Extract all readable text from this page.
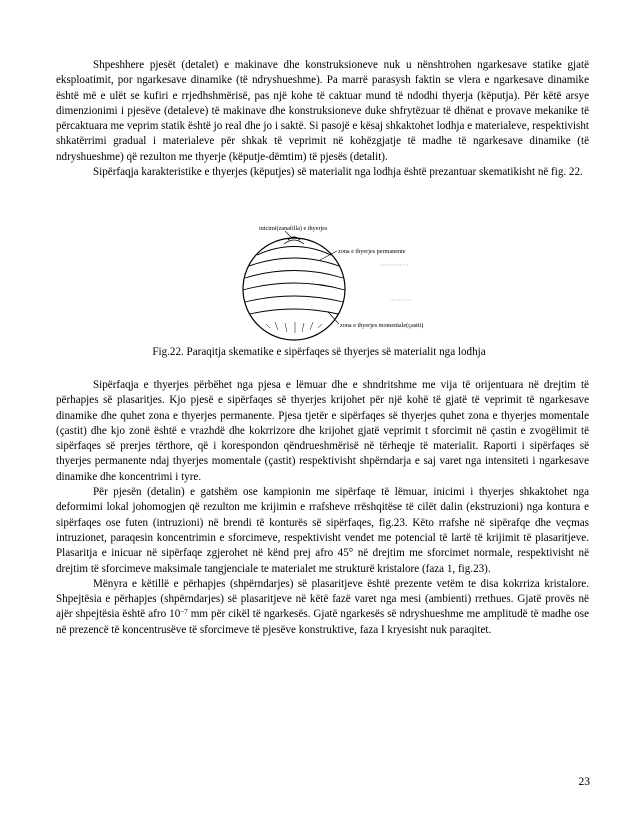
Shpeshhere pjesët (detalet) e makinave dhe konstruksioneve nuk u nënshtrohen ngarkesave statike gjatë eksploatimit, por ngarkesave dinamike (të ndryshueshme). Pa marrë parasysh faktin se vlera e ngarkesave dinamike është më e ulët se kufiri e rrjedhshmërisë, pas një kohe të caktuar mund të ndodhi thyerja (këputja). Për këtë arsye dimenzionimi i pjesëve (detaleve) të makinave dhe konstruksioneve duke shfrytëzuar të dhënat e provave mekanike të përcaktuara me veprim statik është jo real dhe jo i saktë. Si pasojë e kësaj shkaktohet lodhja e materialeve, respektivisht shkatërrimi gradual i materialeve për shkak të veprimit në kohëzgjatje të madhe të ngarkesave dinamike (të ndryshueshme) që rezulton me thyerje (këputje-dëmtim) të pjesës (detalit).

Sipërfaqja karakteristike e thyerjes (këputjes) së materialit nga lodhja është prezantuar skematikisht në fig. 22.

inicimi(zanafilla) e thyerjes
zona e thyerjes permanente
zona e thyerjes momentale(çastit)
Fig.22. Paraqitja skematike e sipërfaqes së thyerjes së materialit nga lodhja

Sipërfaqja e thyerjes përbëhet nga pjesa e lëmuar dhe e shndritshme me vija të orijentuara në drejtim të përhapjes së plasaritjes. Kjo pjesë e sipërfaqes së thyerjes krijohet për një kohë të gjatë të veprimit të ngarkesave dinamike dhe quhet zona e thyerjes permanente. Pjesa tjetër e sipërfaqes së thyerjes quhet zona e thyerjes momentale (çastit) dhe kjo zonë është e vrazhdë dhe kokrrizore dhe krijohet gjatë veprimit t sforcimit në çastin e zvogëlimit të sipërfaqes së prerjes tërthore, që i korespondon qëndrueshmërisë në tërheqje të materialit. Raporti i sipërfaqes së thyerjes permanente ndaj thyerjes momentale (çastit) respektivisht shpërndarja e saj varet nga intensiteti i ngarkesave dinamike dhe koncentrimi i tyre.

Për pjesën (detalin) e gatshëm ose kampionin me sipërfaqe të lëmuar, inicimi i thyerjes shkaktohet nga deformimi lokal johomogjen që rezulton me krijimin e rrafsheve rrëshqitëse të cilët dalin (ekstruzioni) nga kontura e sipërfaqes ose futen (intruzioni) në brendi të konturës së sipërfaqes, fig.23. Këto rrafshe në sipërafqe dhe veçmas intruzionet, paraqesin koncentrimin e sforcimeve, respektivisht vendet me potencial të lartë të krijimit të plasaritjeve. Plasaritja e inicuar në sipërfaqe zgjerohet në kënd prej afro 45° në drejtim me sforcimet normale, respektivisht në drejtim të sforcimeve maksimale tangjenciale te materialet me strukturë kristalore (faza 1, fig.23).

Mënyra e këtillë e përhapjes (shpërndarjes) së plasaritjeve është prezente vetëm te disa kokrriza kristalore. Shpejtësia e përhapjes (shpërndarjes) së plasaritjeve në këtë fazë varet nga mesi (ambienti) rrethues. Gjatë provës në ajër shpejtësia është afro $10^{-7}$ mm për cikël të ngarkesës. Gjatë ngarkesës së ndryshueshme me amplitudë të madhe ose në prezencë të koncentrusëve të sforcimeve të pjesëve konstruktive, faza I kryesisht nuk paraqitet.

23
